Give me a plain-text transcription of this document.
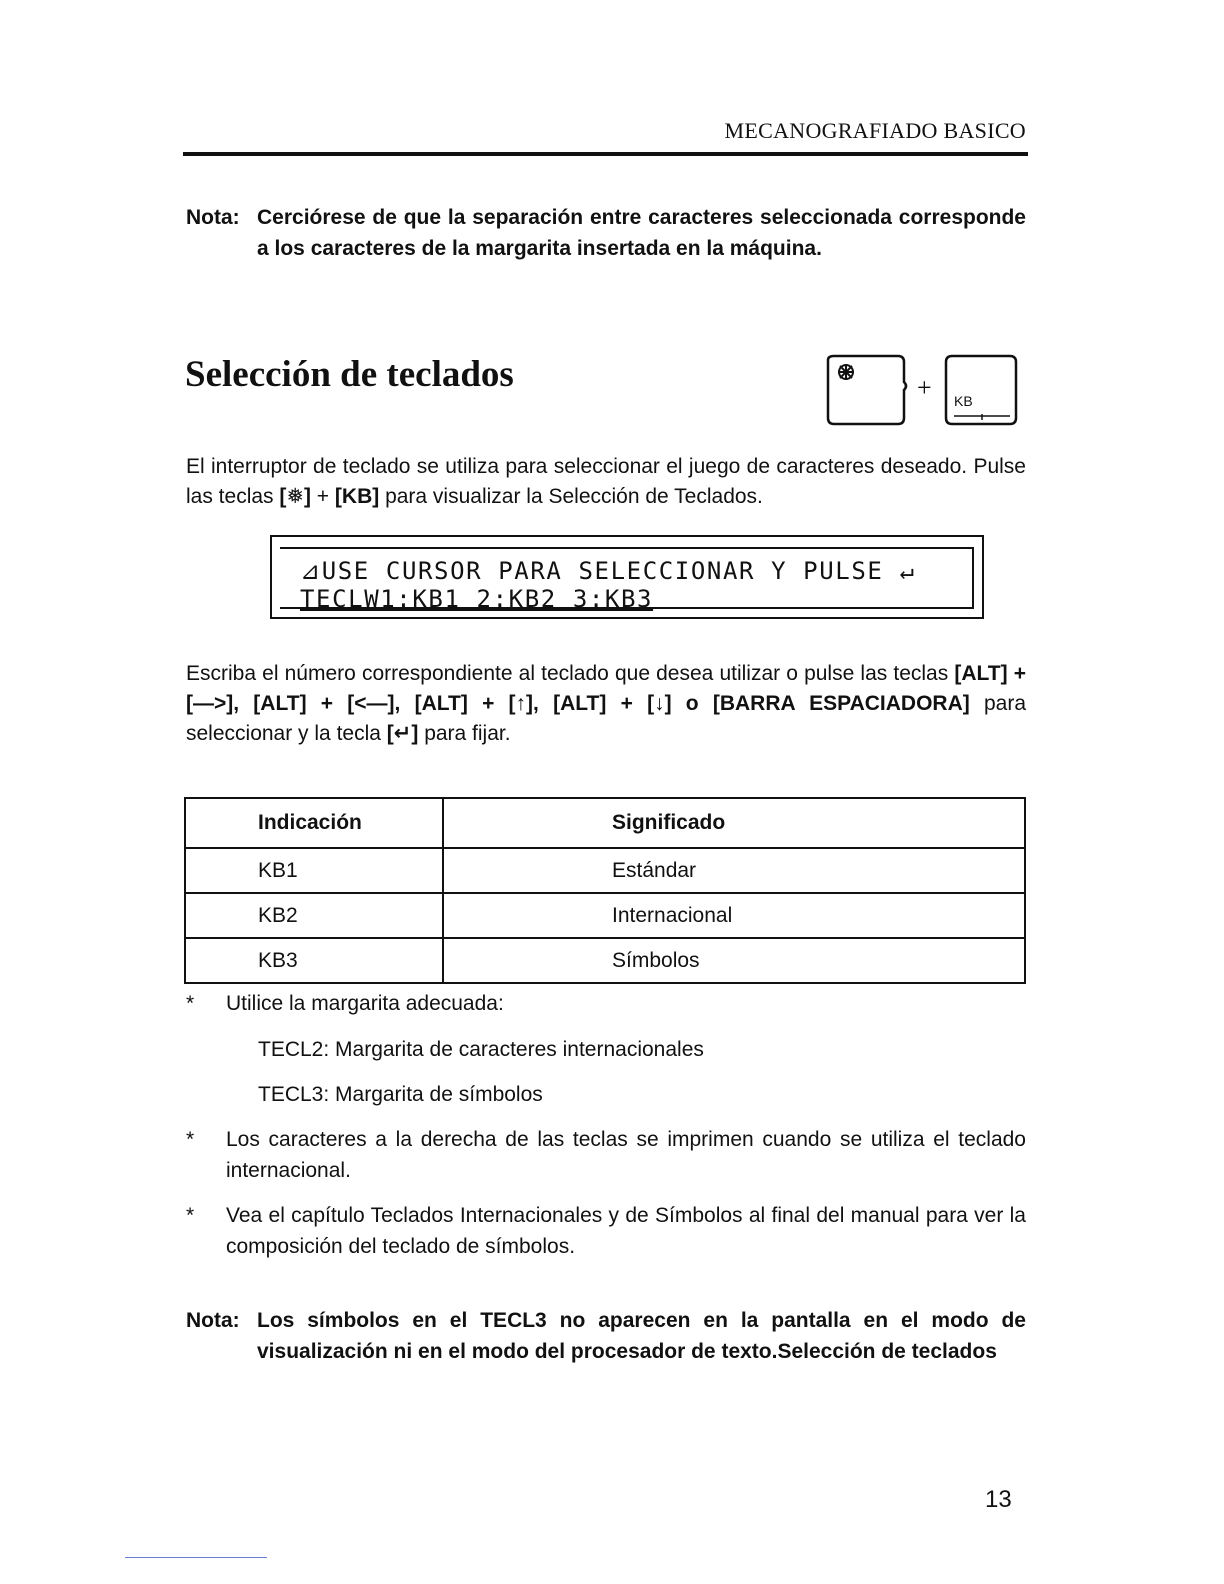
MECANOGRAFIADO BASICO
Nota: Cerciórese de que la separación entre caracteres seleccionada corresponde a los caracteres de la margarita insertada en la máquina.
Selección de teclados	+ KB
El interruptor de teclado se utiliza para seleccionar el juego de caracteres deseado. Pulse las teclas [❅] + [KB] para visualizar la Selección de Teclados.
⊿USE CURSOR PARA SELECCIONAR Y PULSE ↵
TECLW1:KB1 2:KB2 3:KB3
Escriba el número correspondiente al teclado que desea utilizar o pulse las teclas [ALT] + [—>], [ALT] + [<—], [ALT] + [↑], [ALT] + [↓] o [BARRA ESPACIADORA] para seleccionar y la tecla [↵] para fijar.
Indicación	Significado
KB1	Estándar
KB2	Internacional
KB3	Símbolos
* Utilice la margarita adecuada:
TECL2: Margarita de caracteres internacionales
TECL3: Margarita de símbolos
* Los caracteres a la derecha de las teclas se imprimen cuando se utiliza el teclado internacional.
* Vea el capítulo Teclados Internacionales y de Símbolos al final del manual para ver la composición del teclado de símbolos.
Nota: Los símbolos en el TECL3 no aparecen en la pantalla en el modo de visualización ni en el modo del procesador de texto.Selección de teclados
13
